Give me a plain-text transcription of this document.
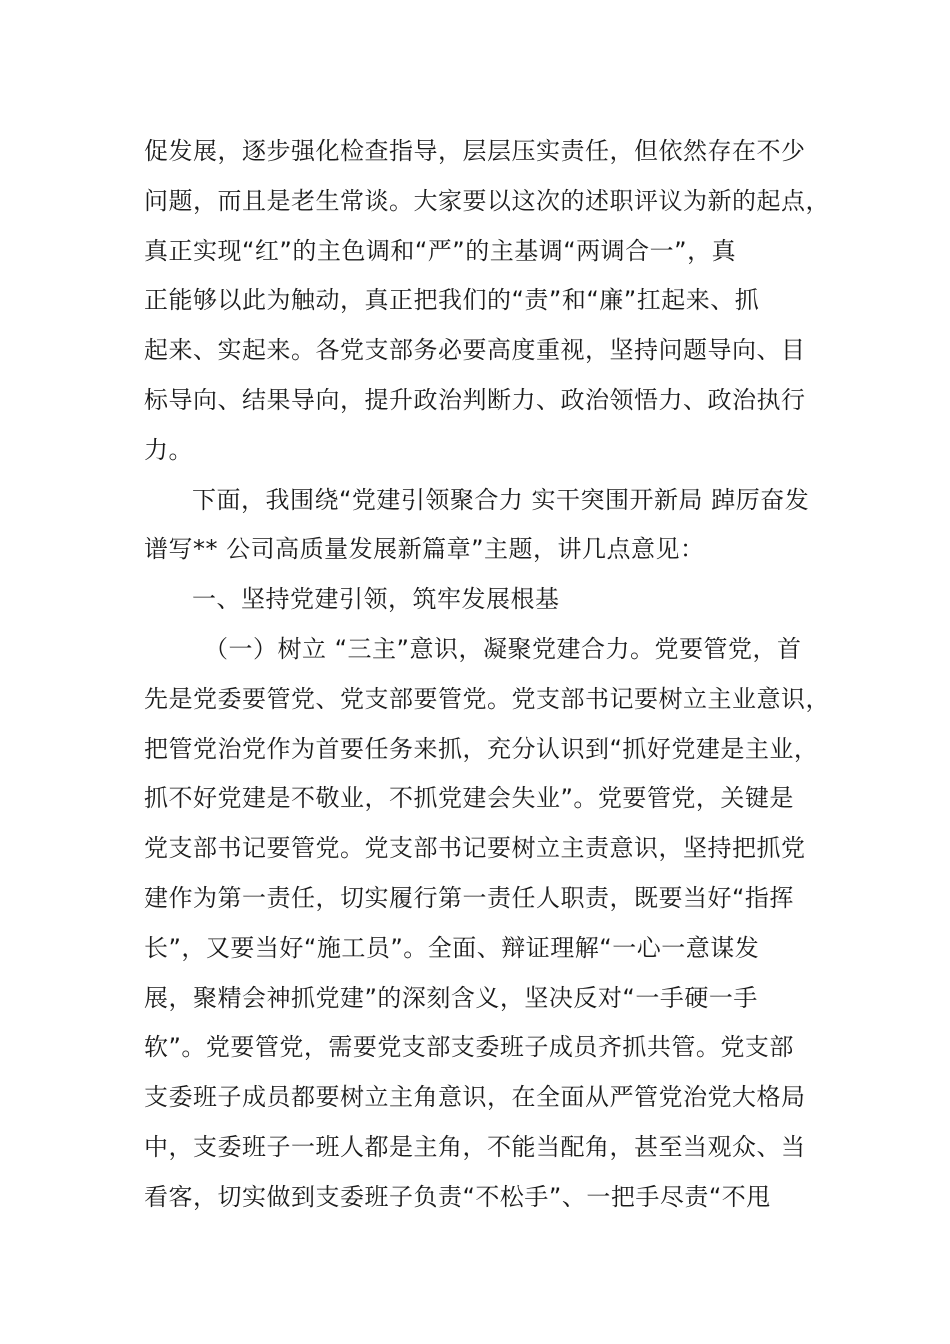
促发展，逐步强化检查指导，层层压实责任，但依然存在不少
问题，而且是老生常谈。大家要以这次的述职评议为新的起点，
真正实现“红”的主色调和“严”的主基调“两调合一”，真
正能够以此为触动，真正把我们的“责”和“廉”扛起来、抓
起来、实起来。各党支部务必要高度重视，坚持问题导向、目
标导向、结果导向，提升政治判断力、政治领悟力、政治执行
力。
下面，我围绕“党建引领聚合力 实干突围开新局 踔厉奋发
谱写** 公司高质量发展新篇章”主题，讲几点意见：
一、坚持党建引领，筑牢发展根基
（一）树立 “三主”意识，凝聚党建合力。党要管党，首
先是党委要管党、党支部要管党。党支部书记要树立主业意识，
把管党治党作为首要任务来抓，充分认识到“抓好党建是主业，
抓不好党建是不敬业，不抓党建会失业”。党要管党，关键是
党支部书记要管党。党支部书记要树立主责意识，坚持把抓党
建作为第一责任，切实履行第一责任人职责，既要当好“指挥
长”，又要当好“施工员”。全面、辩证理解“一心一意谋发
展，聚精会神抓党建”的深刻含义，坚决反对“一手硬一手
软”。党要管党，需要党支部支委班子成员齐抓共管。党支部
支委班子成员都要树立主角意识，在全面从严管党治党大格局
中，支委班子一班人都是主角，不能当配角，甚至当观众、当
看客，切实做到支委班子负责“不松手”、一把手尽责“不甩
